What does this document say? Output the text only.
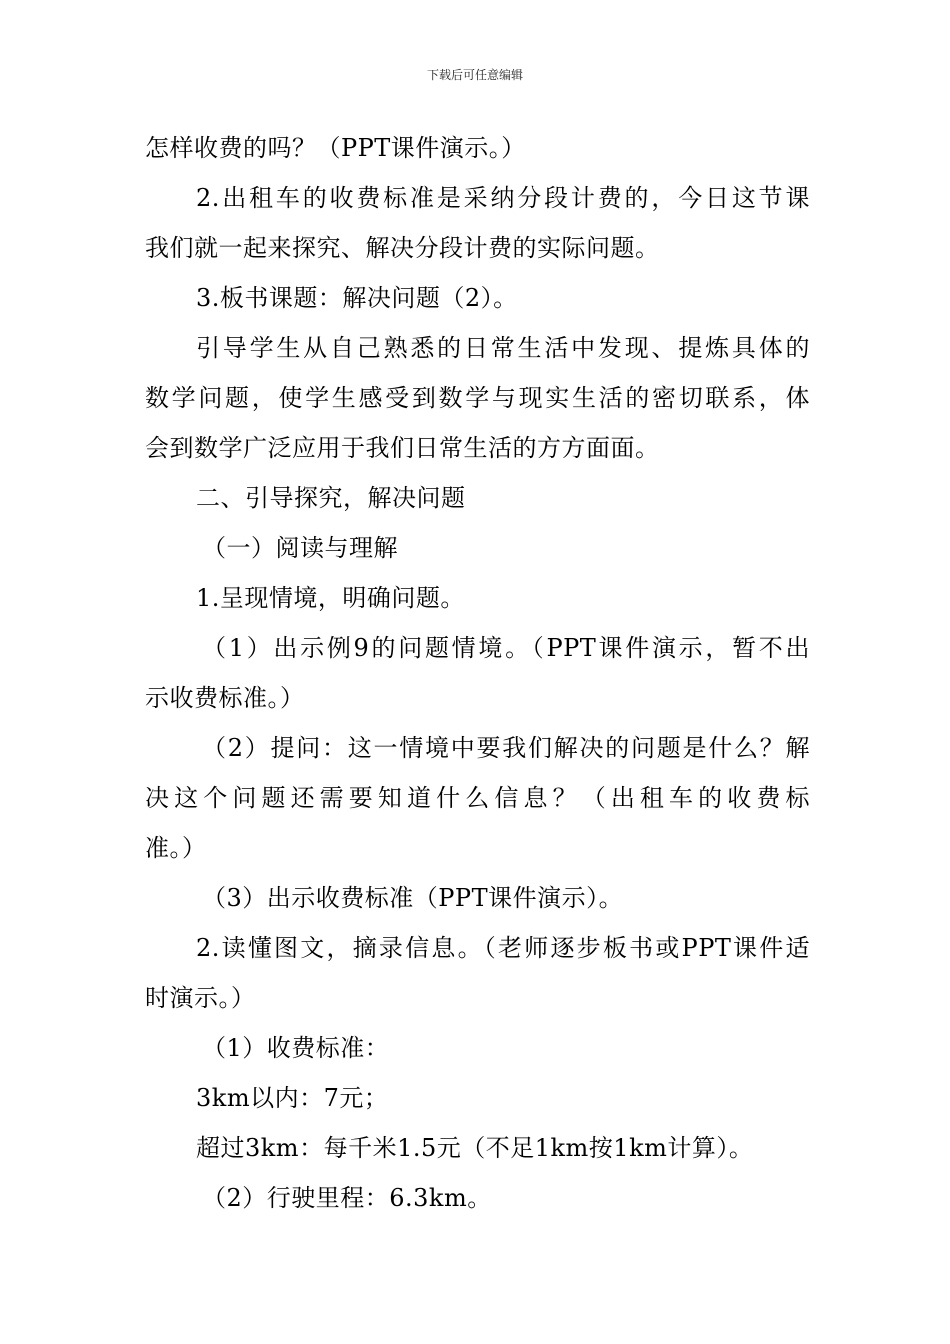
下载后可任意编辑
怎样收费的吗？（PPT课件演示。）
2.出租车的收费标准是采纳分段计费的，今日这节课
我们就一起来探究、解决分段计费的实际问题。
3.板书课题：解决问题（2）。
引导学生从自己熟悉的日常生活中发现、提炼具体的
数学问题，使学生感受到数学与现实生活的密切联系，体
会到数学广泛应用于我们日常生活的方方面面。
二、引导探究，解决问题
（一）阅读与理解
1.呈现情境，明确问题。
（1）出示例9的问题情境。（PPT课件演示，暂不出
示收费标准。）
（2）提问：这一情境中要我们解决的问题是什么？解
决这个问题还需要知道什么信息？（出租车的收费标
准。）
（3）出示收费标准（PPT课件演示）。
2.读懂图文，摘录信息。（老师逐步板书或PPT课件适
时演示。）
（1）收费标准：
3km以内：7元；
超过3km：每千米1.5元（不足1km按1km计算）。
（2）行驶里程：6.3km。
